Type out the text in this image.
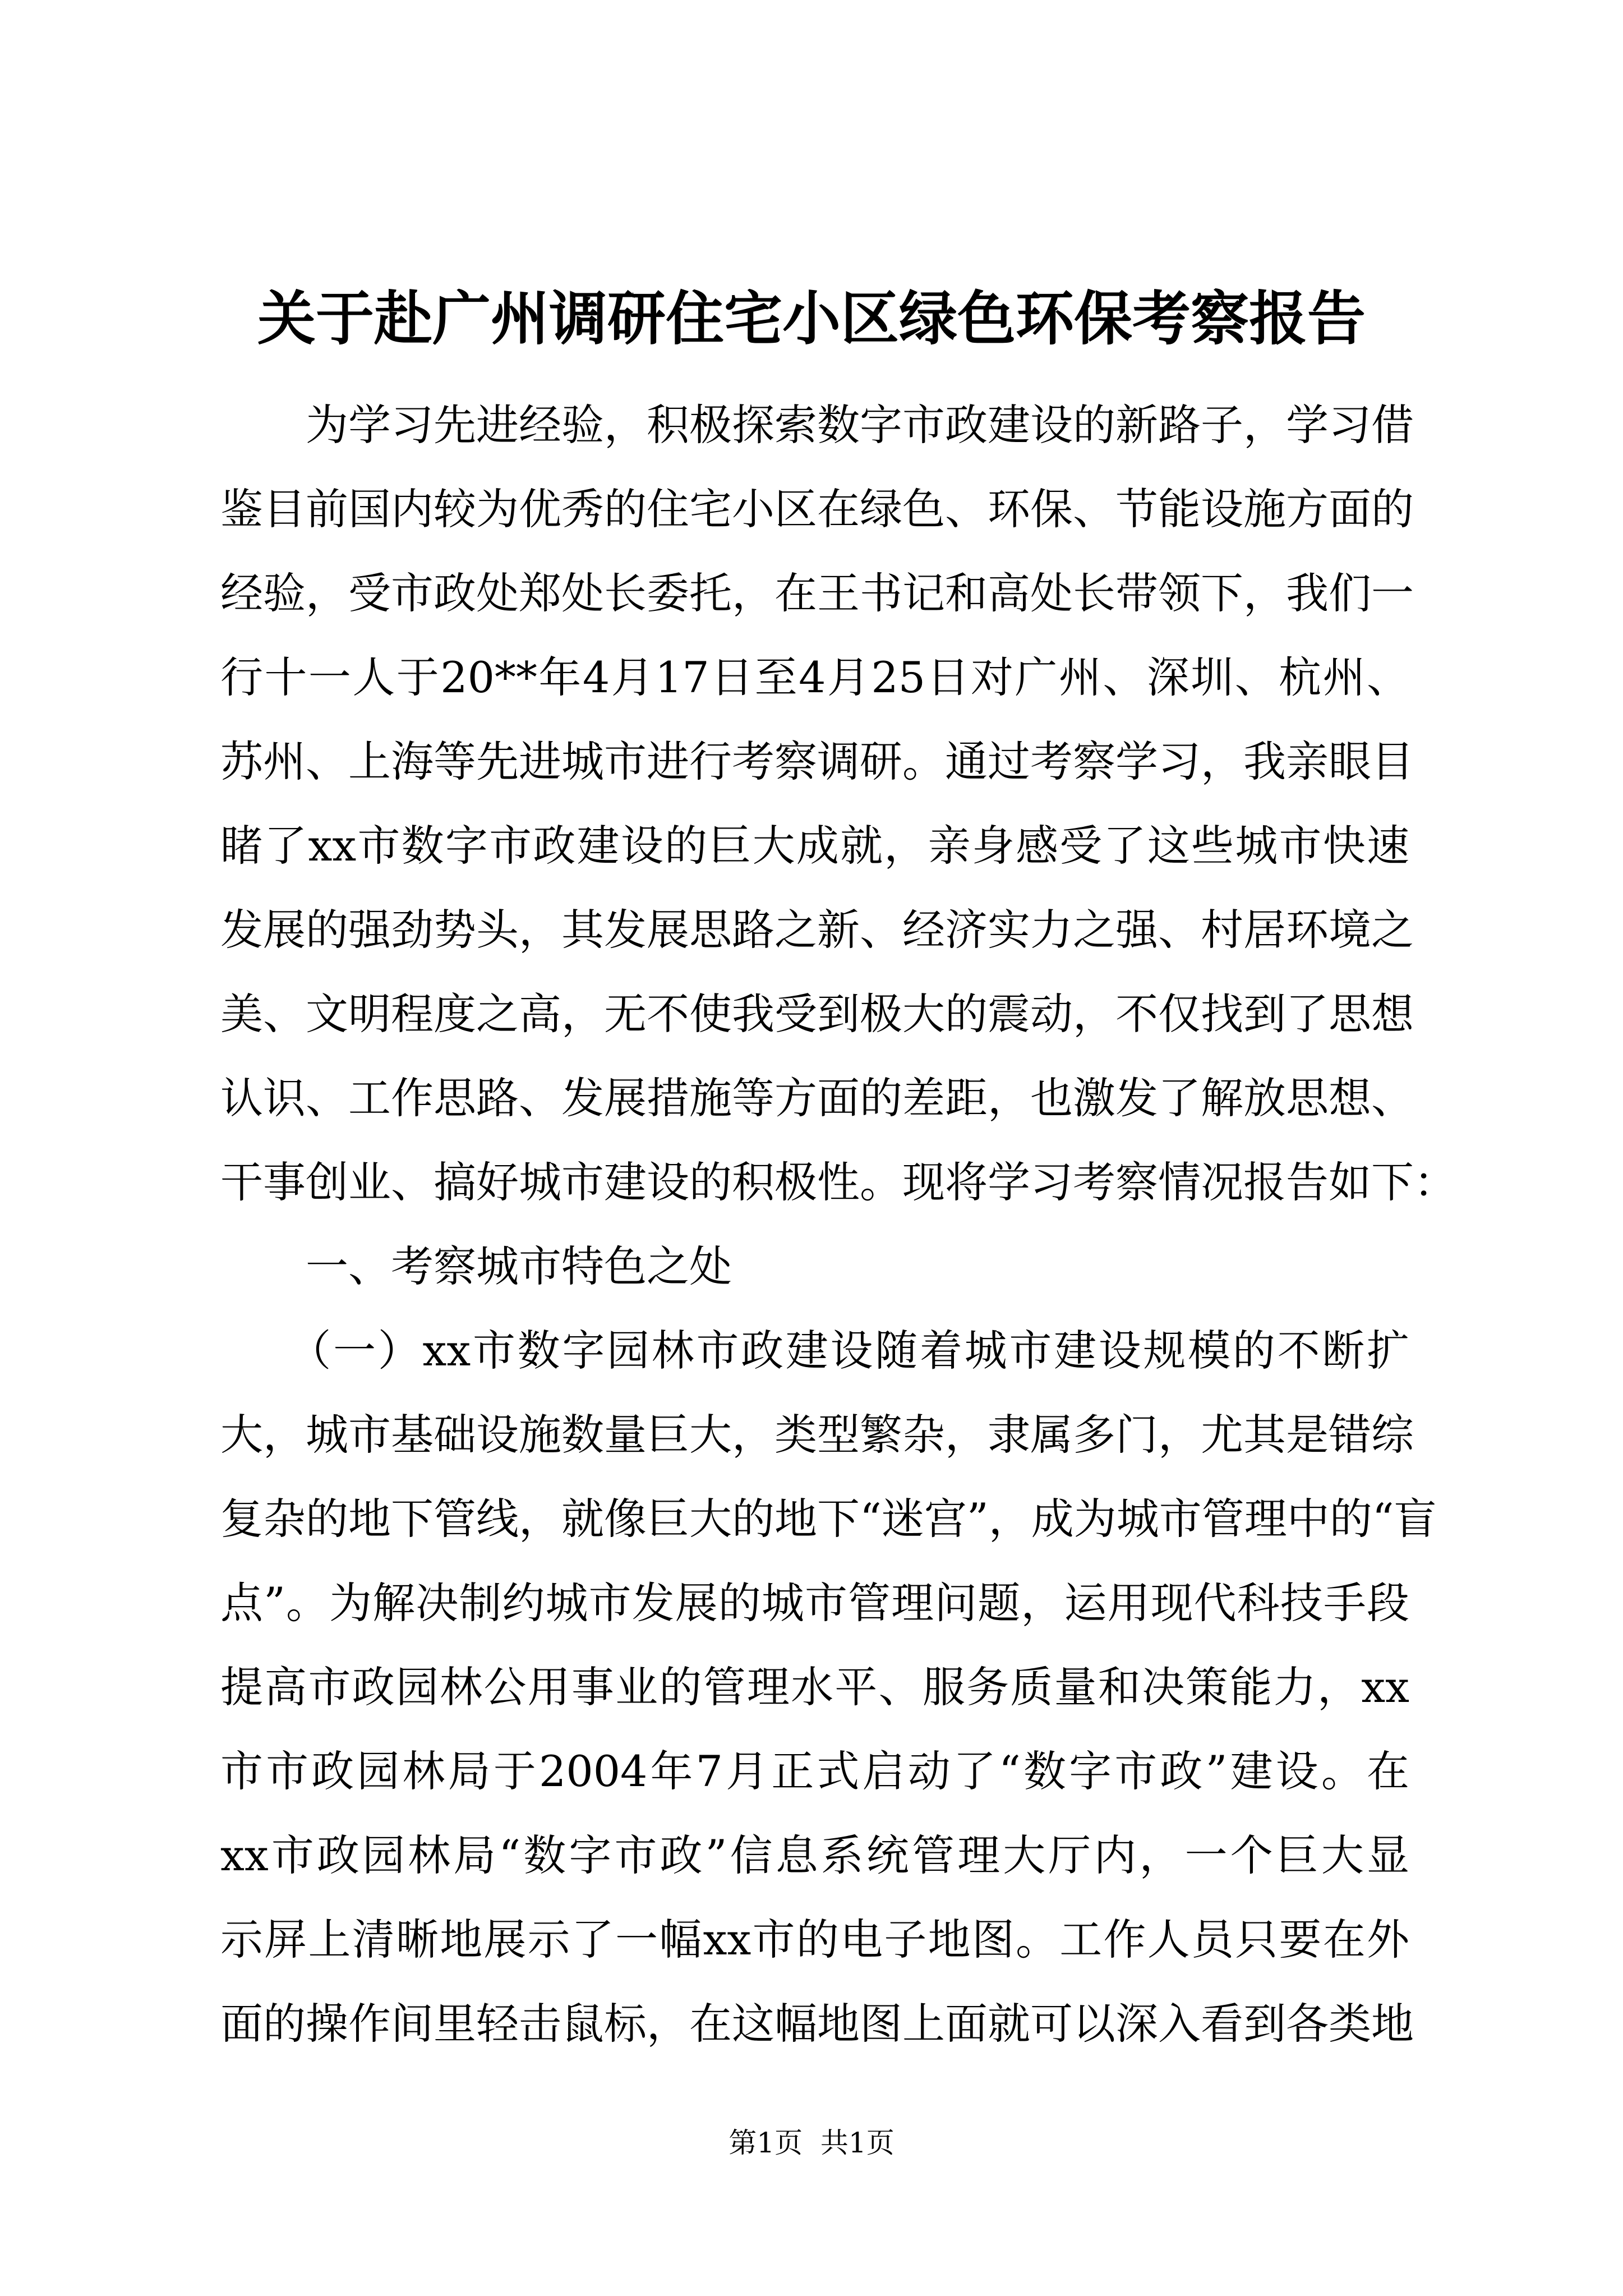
关于赴广州调研住宅小区绿色环保考察报告

　　为学习先进经验，积极探索数字市政建设的新路子，学习借

鉴目前国内较为优秀的住宅小区在绿色、环保、节能设施方面的

经验，受市政处郑处长委托，在王书记和高处长带领下，我们一

行十一人于20**年4月17日至4月25日对广州、深圳、杭州、

苏州、上海等先进城市进行考察调研。通过考察学习，我亲眼目

睹了xx市数字市政建设的巨大成就，亲身感受了这些城市快速

发展的强劲势头，其发展思路之新、经济实力之强、村居环境之

美、文明程度之高，无不使我受到极大的震动，不仅找到了思想

认识、工作思路、发展措施等方面的差距，也激发了解放思想、

干事创业、搞好城市建设的积极性。现将学习考察情况报告如下：

　　一、考察城市特色之处

　　（一）xx市数字园林市政建设随着城市建设规模的不断扩

大，城市基础设施数量巨大，类型繁杂，隶属多门，尤其是错综

复杂的地下管线，就像巨大的地下“迷宫”，成为城市管理中的“盲

点”。为解决制约城市发展的城市管理问题，运用现代科技手段

提高市政园林公用事业的管理水平、服务质量和决策能力，xx

市市政园林局于2004年7月正式启动了“数字市政”建设。在

xx市政园林局“数字市政”信息系统管理大厅内，一个巨大显

示屏上清晰地展示了一幅xx市的电子地图。工作人员只要在外

面的操作间里轻击鼠标，在这幅地图上面就可以深入看到各类地

第1页  共1页
